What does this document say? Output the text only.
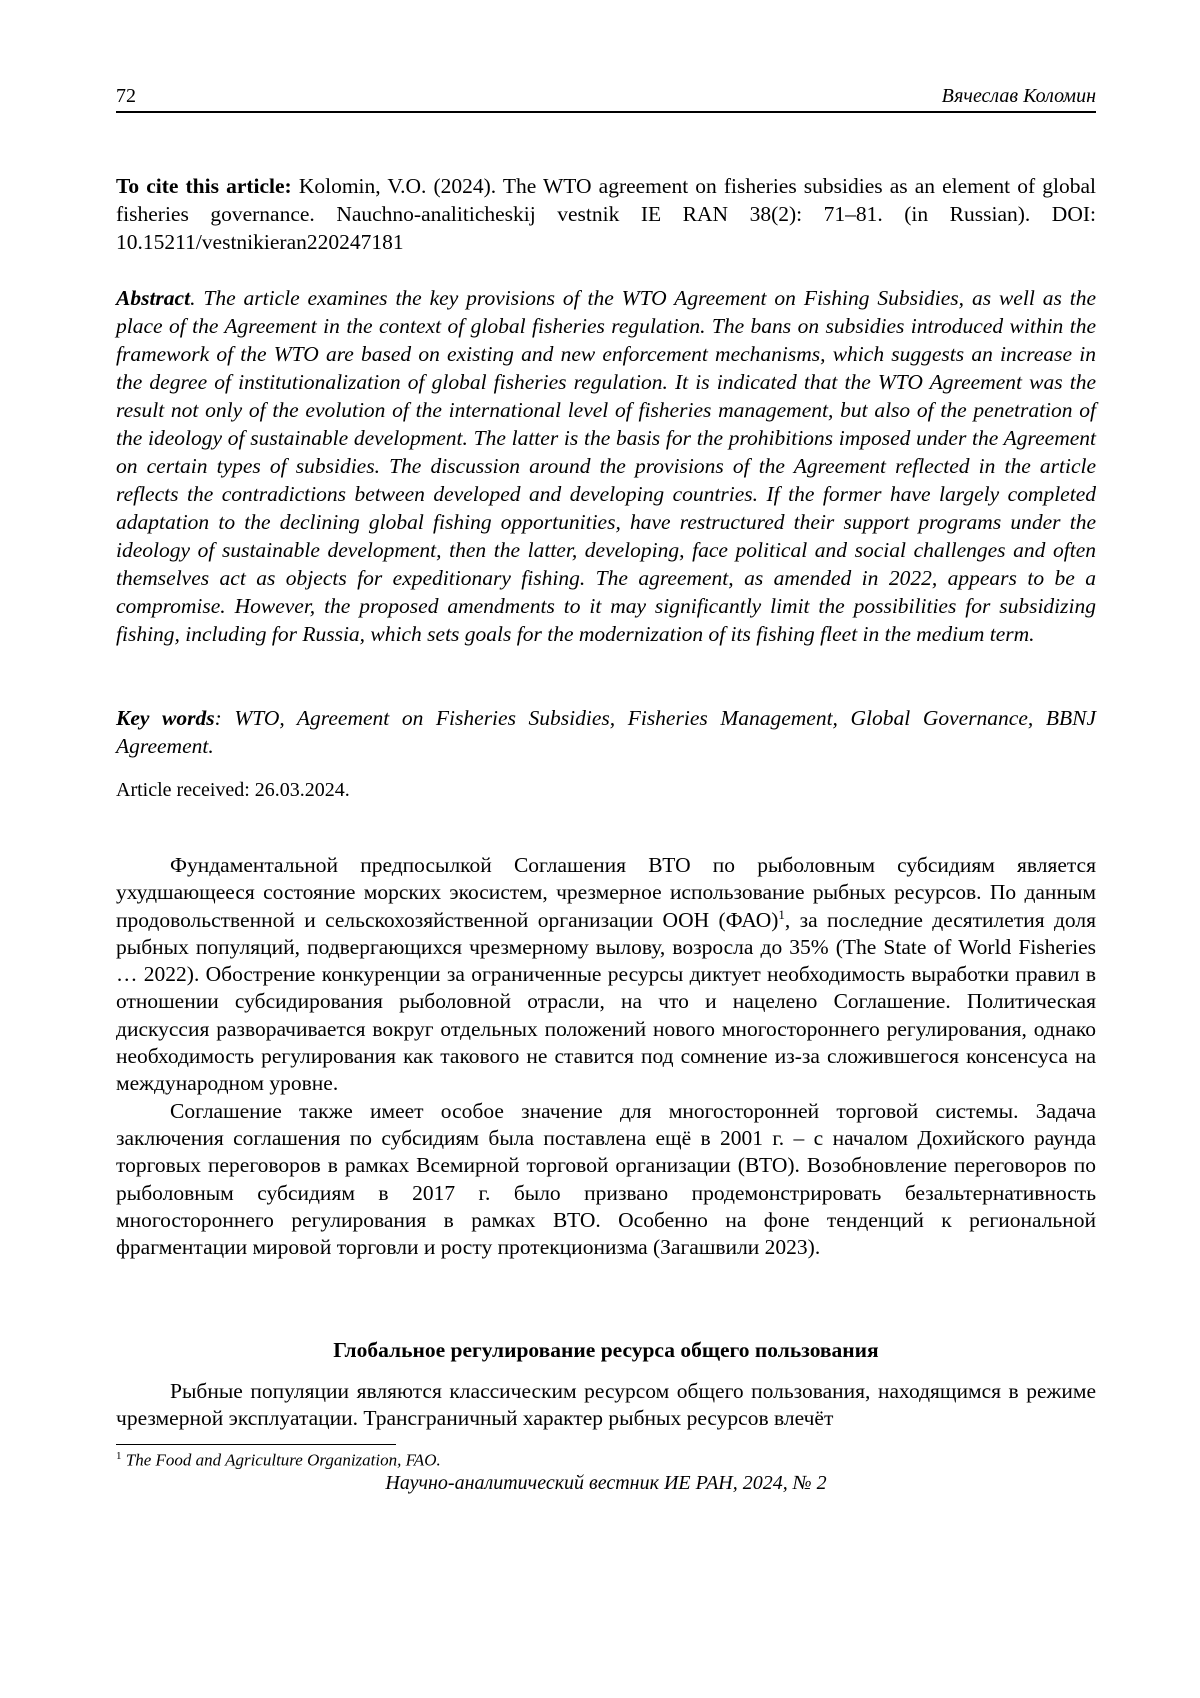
72	Вячеслав Коломин
To cite this article: Kolomin, V.O. (2024). The WTO agreement on fisheries subsidies as an element of global fisheries governance. Nauchno-analiticheskij vestnik IE RAN 38(2): 71–81. (in Russian). DOI: 10.15211/vestnikieran220247181
Abstract. The article examines the key provisions of the WTO Agreement on Fishing Subsidies, as well as the place of the Agreement in the context of global fisheries regulation. The bans on subsidies introduced within the framework of the WTO are based on existing and new enforcement mechanisms, which suggests an increase in the degree of institutionalization of global fisheries regulation. It is indicated that the WTO Agreement was the result not only of the evolution of the international level of fisheries management, but also of the penetration of the ideology of sustainable development. The latter is the basis for the prohibitions imposed under the Agreement on certain types of subsidies. The discussion around the provisions of the Agreement reflected in the article reflects the contradictions between developed and developing countries. If the former have largely completed adaptation to the declining global fishing opportunities, have restructured their support programs under the ideology of sustainable development, then the latter, developing, face political and social challenges and often themselves act as objects for expeditionary fishing. The agreement, as amended in 2022, appears to be a compromise. However, the proposed amendments to it may significantly limit the possibilities for subsidizing fishing, including for Russia, which sets goals for the modernization of its fishing fleet in the medium term.
Key words: WTO, Agreement on Fisheries Subsidies, Fisheries Management, Global Governance, BBNJ Agreement.
Article received: 26.03.2024.

Фундаментальной предпосылкой Соглашения ВТО по рыболовным субсидиям является ухудшающееся состояние морских экосистем, чрезмерное использование рыбных ресурсов. По данным продовольственной и сельскохозяйственной организации ООН (ФАО)$^1$, за последние десятилетия доля рыбных популяций, подвергающихся чрезмерному вылову, возросла до 35% (The State of World Fisheries … 2022). Обострение конкуренции за ограниченные ресурсы диктует необходимость выработки правил в отношении субсидирования рыболовной отрасли, на что и нацелено Соглашение. Политическая дискуссия разворачивается вокруг отдельных положений нового многостороннего регулирования, однако необходимость регулирования как такового не ставится под сомнение из-за сложившегося консенсуса на международном уровне.

Соглашение также имеет особое значение для многосторонней торговой системы. Задача заключения соглашения по субсидиям была поставлена ещё в 2001 г. – с началом Дохийского раунда торговых переговоров в рамках Всемирной торговой организации (ВТО). Возобновление переговоров по рыболовным субсидиям в 2017 г. было призвано продемонстрировать безальтернативность многостороннего регулирования в рамках ВТО. Особенно на фоне тенденций к региональной фрагментации мировой торговли и росту протекционизма (Загашвили 2023).

Глобальное регулирование ресурса общего пользования

Рыбные популяции являются классическим ресурсом общего пользования, находящимся в режиме чрезмерной эксплуатации. Трансграничный характер рыбных ресурсов влечёт

$^1$ The Food and Agriculture Organization, FAO.
Научно-аналитический вестник ИЕ РАН, 2024, № 2
